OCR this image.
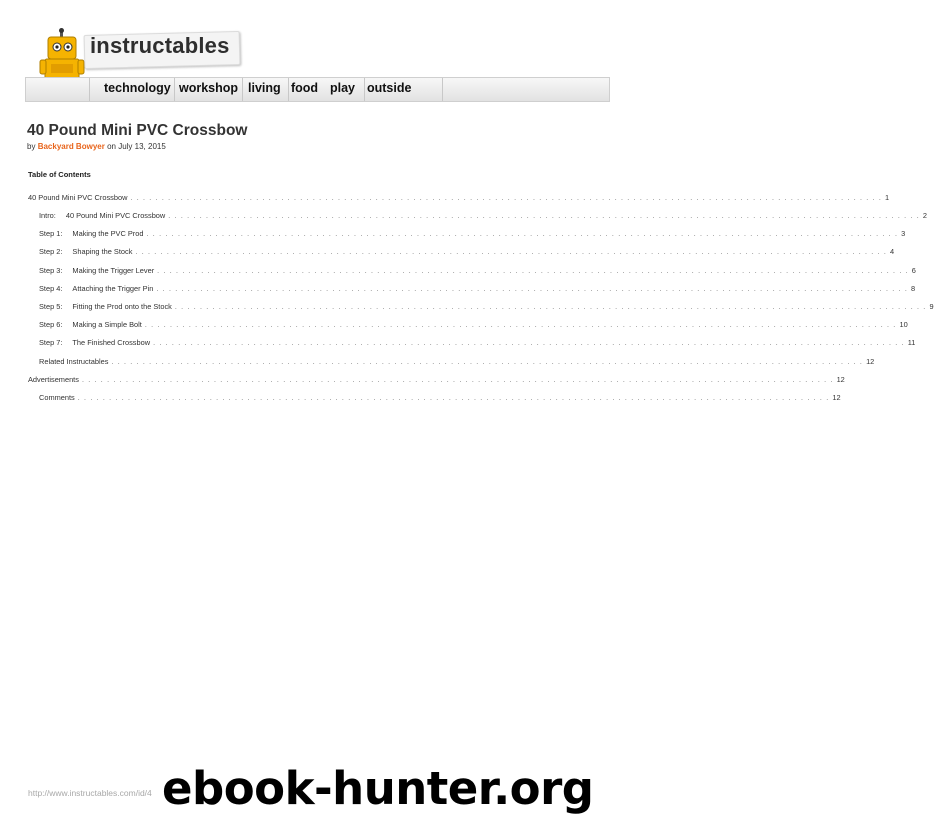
instructables
technology workshop living food play outside
40 Pound Mini PVC Crossbow
by Backyard Bowyer on July 13, 2015
Table of Contents
40 Pound Mini PVC Crossbow . . . . . . . . . . . . . . . . . . . . . . . . . . . . . . . . . . . . . . . . . . . . . . . . . . . . . . . . . . . . . . . . . . . . . . . . . . . . . . . . . . . . . . . . . . . . . . . . . . . . . . . . . . . . . . . . . . . . . . . . 1
Intro: 40 Pound Mini PVC Crossbow . . . . . . . . . . . . . . . . . . . . . . . . . . . . . . . . . . . . . . . . . . . . . . . . . . . . . . . . . . . . . . . . . . . . . . . . . . . . . . . . . . . . . . . . . . . . . . . . . . . . . . . . . . . . . . . . . . . . . . . . 2
Step 1: Making the PVC Prod . . . . . . . . . . . . . . . . . . . . . . . . . . . . . . . . . . . . . . . . . . . . . . . . . . . . . . . . . . . . . . . . . . . . . . . . . . . . . . . . . . . . . . . . . . . . . . . . . . . . . . . . . . . . . . . . . . . . . . . . 3
Step 2: Shaping the Stock . . . . . . . . . . . . . . . . . . . . . . . . . . . . . . . . . . . . . . . . . . . . . . . . . . . . . . . . . . . . . . . . . . . . . . . . . . . . . . . . . . . . . . . . . . . . . . . . . . . . . . . . . . . . . . . . . . . . . . . . 4
Step 3: Making the Trigger Lever . . . . . . . . . . . . . . . . . . . . . . . . . . . . . . . . . . . . . . . . . . . . . . . . . . . . . . . . . . . . . . . . . . . . . . . . . . . . . . . . . . . . . . . . . . . . . . . . . . . . . . . . . . . . . . . . . . . . . . . . 6
Step 4: Attaching the Trigger Pin . . . . . . . . . . . . . . . . . . . . . . . . . . . . . . . . . . . . . . . . . . . . . . . . . . . . . . . . . . . . . . . . . . . . . . . . . . . . . . . . . . . . . . . . . . . . . . . . . . . . . . . . . . . . . . . . . . . . . . . . 8
Step 5: Fitting the Prod onto the Stock . . . . . . . . . . . . . . . . . . . . . . . . . . . . . . . . . . . . . . . . . . . . . . . . . . . . . . . . . . . . . . . . . . . . . . . . . . . . . . . . . . . . . . . . . . . . . . . . . . . . . . . . . . . . . . . . . . . . . . . . 9
Step 6: Making a Simple Bolt . . . . . . . . . . . . . . . . . . . . . . . . . . . . . . . . . . . . . . . . . . . . . . . . . . . . . . . . . . . . . . . . . . . . . . . . . . . . . . . . . . . . . . . . . . . . . . . . . . . . . . . . . . . . . . . . . . . . . . . . 10
Step 7: The Finished Crossbow . . . . . . . . . . . . . . . . . . . . . . . . . . . . . . . . . . . . . . . . . . . . . . . . . . . . . . . . . . . . . . . . . . . . . . . . . . . . . . . . . . . . . . . . . . . . . . . . . . . . . . . . . . . . . . . . . . . . . . . . 11
Related Instructables . . . . . . . . . . . . . . . . . . . . . . . . . . . . . . . . . . . . . . . . . . . . . . . . . . . . . . . . . . . . . . . . . . . . . . . . . . . . . . . . . . . . . . . . . . . . . . . . . . . . . . . . . . . . . . . . . . . . . . . . 12
Advertisements . . . . . . . . . . . . . . . . . . . . . . . . . . . . . . . . . . . . . . . . . . . . . . . . . . . . . . . . . . . . . . . . . . . . . . . . . . . . . . . . . . . . . . . . . . . . . . . . . . . . . . . . . . . . . . . . . . . . . . . . 12
Comments . . . . . . . . . . . . . . . . . . . . . . . . . . . . . . . . . . . . . . . . . . . . . . . . . . . . . . . . . . . . . . . . . . . . . . . . . . . . . . . . . . . . . . . . . . . . . . . . . . . . . . . . . . . . . . . . . . . . . . . . 12
http://www.instructables.com/id/4 ebook-hunter.org
